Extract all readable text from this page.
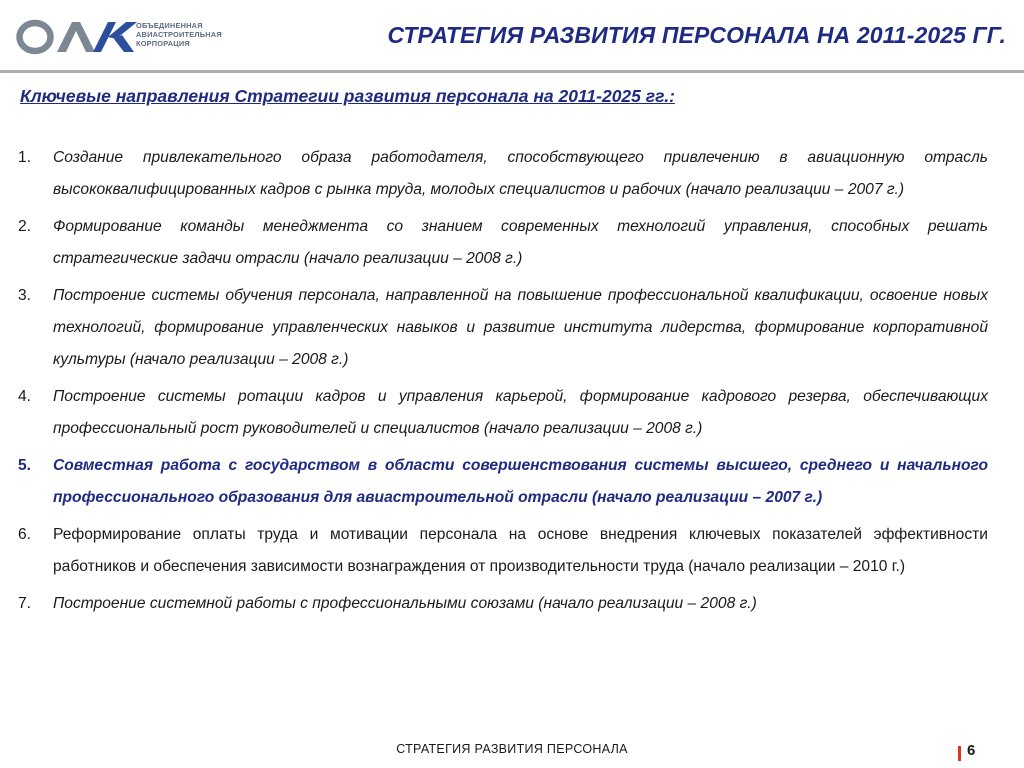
ОБЪЕДИНЕННАЯ
АВИАСТРОИТЕЛЬНАЯ
КОРПОРАЦИЯ	СТРАТЕГИЯ РАЗВИТИЯ ПЕРСОНАЛА НА 2011-2025 ГГ.
Ключевые направления Стратегии развития персонала на 2011-2025 гг.:
1.	Создание привлекательного образа работодателя, способствующего привлечению в авиационную отрасль высококвалифицированных кадров с рынка труда, молодых специалистов и рабочих (начало реализации – 2007 г.)
2.	Формирование команды менеджмента со знанием современных технологий управления, способных решать стратегические задачи отрасли (начало реализации – 2008 г.)
3.	Построение системы обучения персонала, направленной на повышение профессиональной квалификации, освоение новых технологий, формирование управленческих навыков и развитие института лидерства, формирование корпоративной культуры (начало реализации – 2008 г.)
4.	Построение системы ротации кадров и управления карьерой, формирование кадрового резерва, обеспечивающих профессиональный рост руководителей и специалистов (начало реализации – 2008 г.)
5.	Совместная работа с государством в области совершенствования системы высшего, среднего и начального профессионального образования для авиастроительной отрасли (начало реализации – 2007 г.)
6.	Реформирование оплаты труда и мотивации персонала на основе внедрения ключевых показателей эффективности работников и обеспечения зависимости вознаграждения от производительности труда (начало реализации – 2010 г.)
7.	Построение системной работы с профессиональными союзами (начало реализации – 2008 г.)
СТРАТЕГИЯ РАЗВИТИЯ ПЕРСОНАЛА	6
